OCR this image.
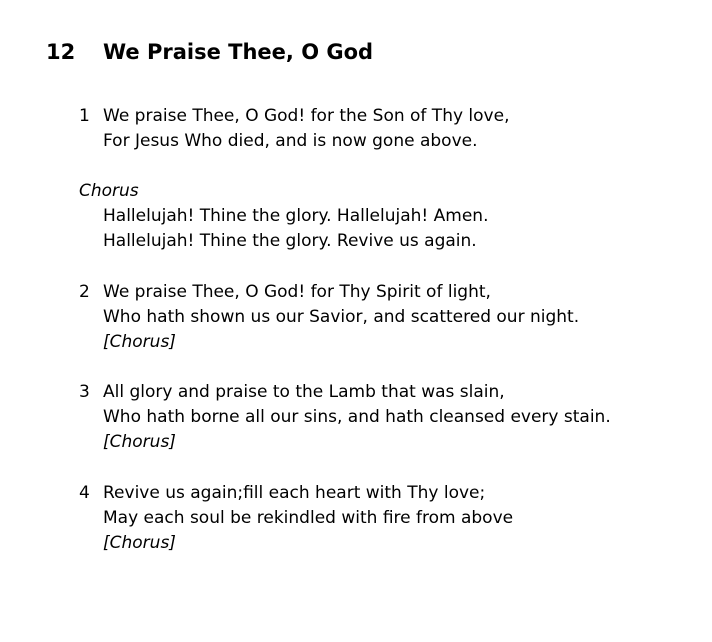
12 We Praise Thee, O God
1 We praise Thee, O God! for the Son of Thy love,
For Jesus Who died, and is now gone above.
Chorus
Hallelujah! Thine the glory. Hallelujah! Amen.
Hallelujah! Thine the glory. Revive us again.
2 We praise Thee, O God! for Thy Spirit of light,
Who hath shown us our Savior, and scattered our night.
[Chorus]
3 All glory and praise to the Lamb that was slain,
Who hath borne all our sins, and hath cleansed every stain.
[Chorus]
4 Revive us again;fill each heart with Thy love;
May each soul be rekindled with fire from above
[Chorus]
